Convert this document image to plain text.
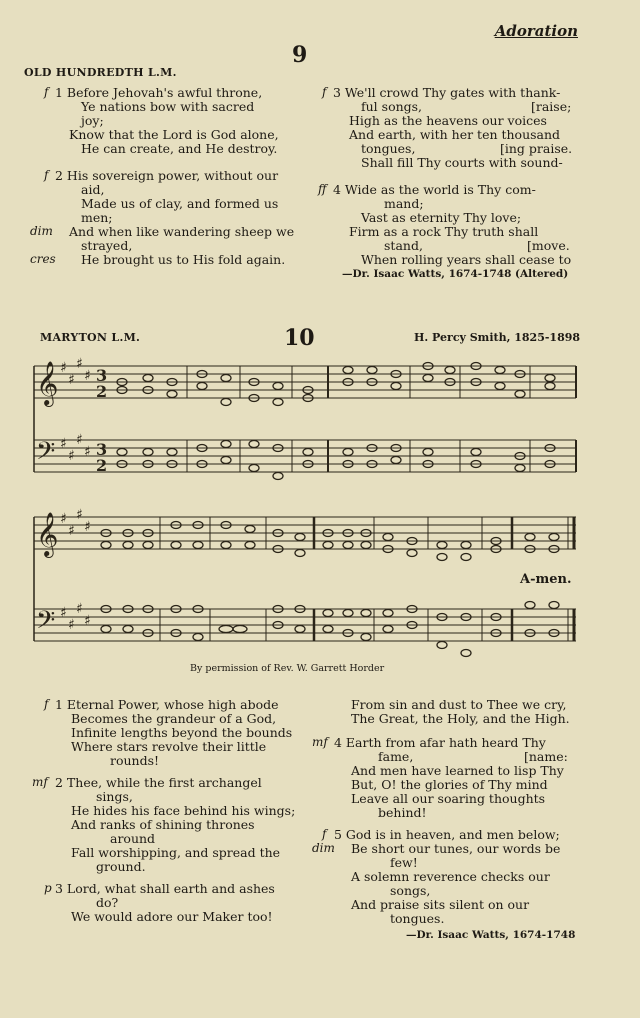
Adoration
9
OLD HUNDREDTH L.M.
f 1 Before Jehovah's awful throne,
Ye nations bow with sacred
joy;
Know that the Lord is God alone,
He can create, and He destroy.
f 2 His sovereign power, without our
aid,
Made us of clay, and formed us
men;
dim And when like wandering sheep we
strayed,
cres He brought us to His fold again.
f 3 We'll crowd Thy gates with thank-
ful songs,	[raise;
High as the heavens our voices
And earth, with her ten thousand
tongues,	[ing praise.
Shall fill Thy courts with sound-
ff 4 Wide as the world is Thy com-
mand;
Vast as eternity Thy love;
Firm as a rock Thy truth shall
stand,	[move.
When rolling years shall cease to
—Dr. Isaac Watts, 1674-1748 (Altered)
MARYTON L.M.	10	H. Percy Smith, 1825-1898
𝄞
𝄢
♯
♯
♯
♯
♯
♯
♯
♯
3
2
3
2
𝄞
𝄢
♯
♯
♯
♯
♯
♯
♯
♯
A-men.
By permission of Rev. W. Garrett Horder
f 1 Eternal Power, whose high abode
Becomes the grandeur of a God,
Infinite lengths beyond the bounds
Where stars revolve their little
rounds!
mf 2 Thee, while the first archangel
sings,
He hides his face behind his wings;
And ranks of shining thrones
around
Fall worshipping, and spread the
ground.
p 3 Lord, what shall earth and ashes
do?
We would adore our Maker too!
From sin and dust to Thee we cry,
The Great, the Holy, and the High.
mf 4 Earth from afar hath heard Thy
fame,	[name:
And men have learned to lisp Thy
But, O! the glories of Thy mind
Leave all our soaring thoughts
behind!
f 5 God is in heaven, and men below;
dim Be short our tunes, our words be
few!
A solemn reverence checks our
songs,
And praise sits silent on our
tongues.
—Dr. Isaac Watts, 1674-1748
